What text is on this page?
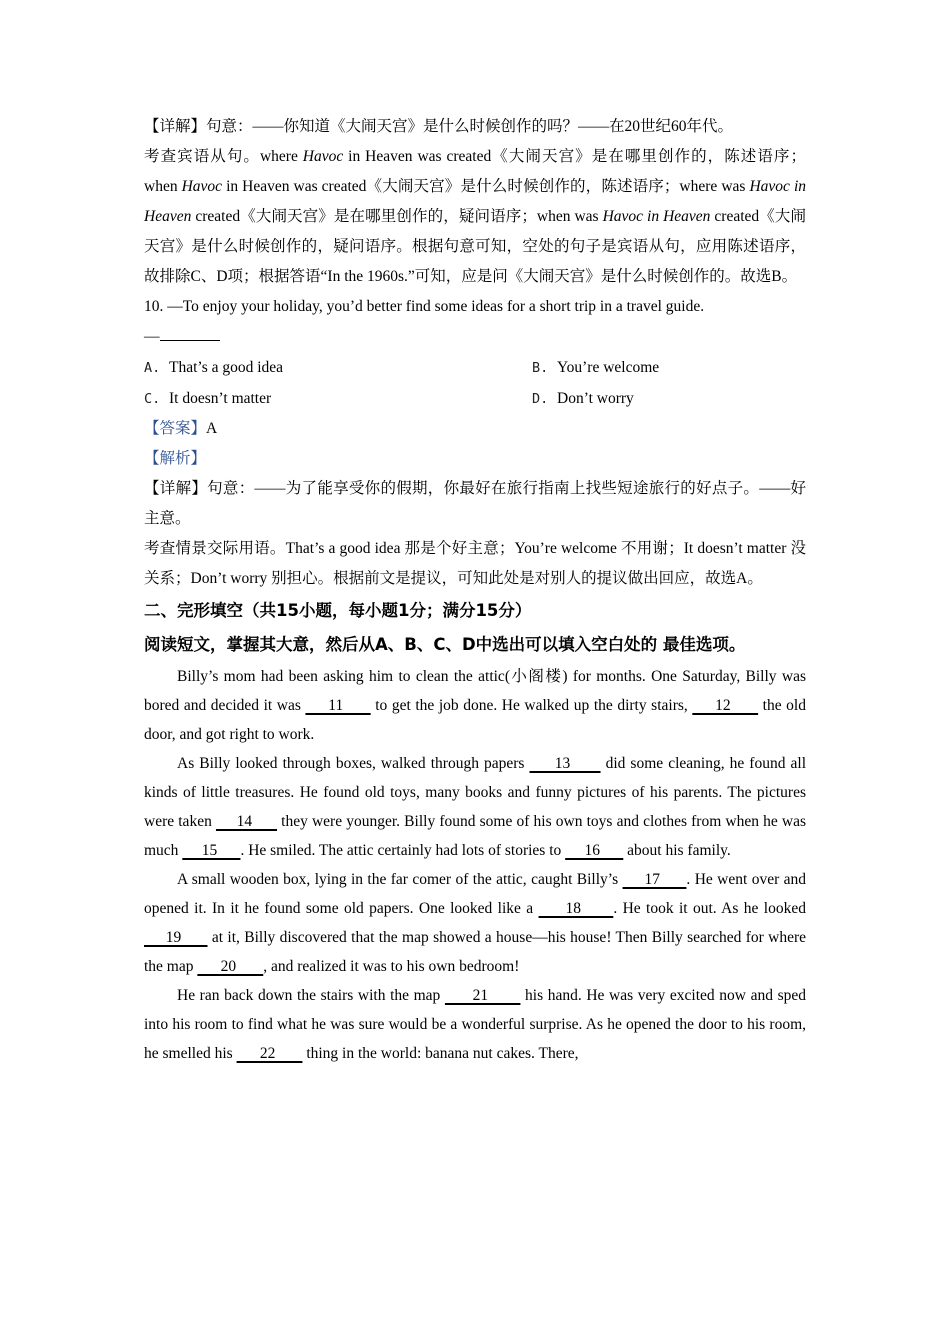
【详解】句意：——你知道《大闹天宫》是什么时候创作的吗？——在20世纪60年代。

考查宾语从句。where Havoc in Heaven was created《大闹天宫》是在哪里创作的，陈述语序；when Havoc in Heaven was created《大闹天宫》是什么时候创作的，陈述语序；where was Havoc in Heaven created《大闹天宫》是在哪里创作的，疑问语序；when was Havoc in Heaven created《大闹天宫》是什么时候创作的，疑问语序。根据句意可知，空处的句子是宾语从句，应用陈述语序，故排除C、D项；根据答语“In the 1960s.”可知，应是问《大闹天宫》是什么时候创作的。故选B。

10. —To enjoy your holiday, you’d better find some ideas for a short trip in a travel guide.

—

A. That’s a good idea	B. You’re welcome
C. It doesn’t matter	D. Don’t worry

【答案】A

【解析】

【详解】句意：——为了能享受你的假期，你最好在旅行指南上找些短途旅行的好点子。——好主意。

考查情景交际用语。That’s a good idea 那是个好主意；You’re welcome 不用谢；It doesn’t matter 没关系；Don’t worry 别担心。根据前文是提议，可知此处是对别人的提议做出回应，故选A。

二、完形填空（共15小题，每小题1分；满分15分）

阅读短文，掌握其大意，然后从A、B、C、D中选出可以填入空白处的 最佳选项。

Billy’s mom had been asking him to clean the attic(小阁楼) for months. One Saturday, Billy was bored and decided it was      11       to get the job done. He walked up the dirty stairs,      12       the old door, and got right to work.

As Billy looked through boxes, walked through papers      13       did some cleaning, he found all kinds of little treasures. He found old toys, many books and funny pictures of his parents. The pictures were taken      14       they were younger. Billy found some of his own toys and clothes from when he was much      15      . He smiled. The attic certainly had lots of stories to      16       about his family.

A small wooden box, lying in the far comer of the attic, caught Billy’s      17      . He went over and opened it. In it he found some old papers. One looked like a      18      . He took it out. As he looked      19       at it, Billy discovered that the map showed a house—his house! Then Billy searched for where the map       20       , and realized it was to his own bedroom!

He ran back down the stairs with the map       21        his hand. He was very excited now and sped into his room to find what he was sure would be a wonderful surprise. As he opened the door to his room, he smelled his       22        thing in the world: banana nut cakes. There,
